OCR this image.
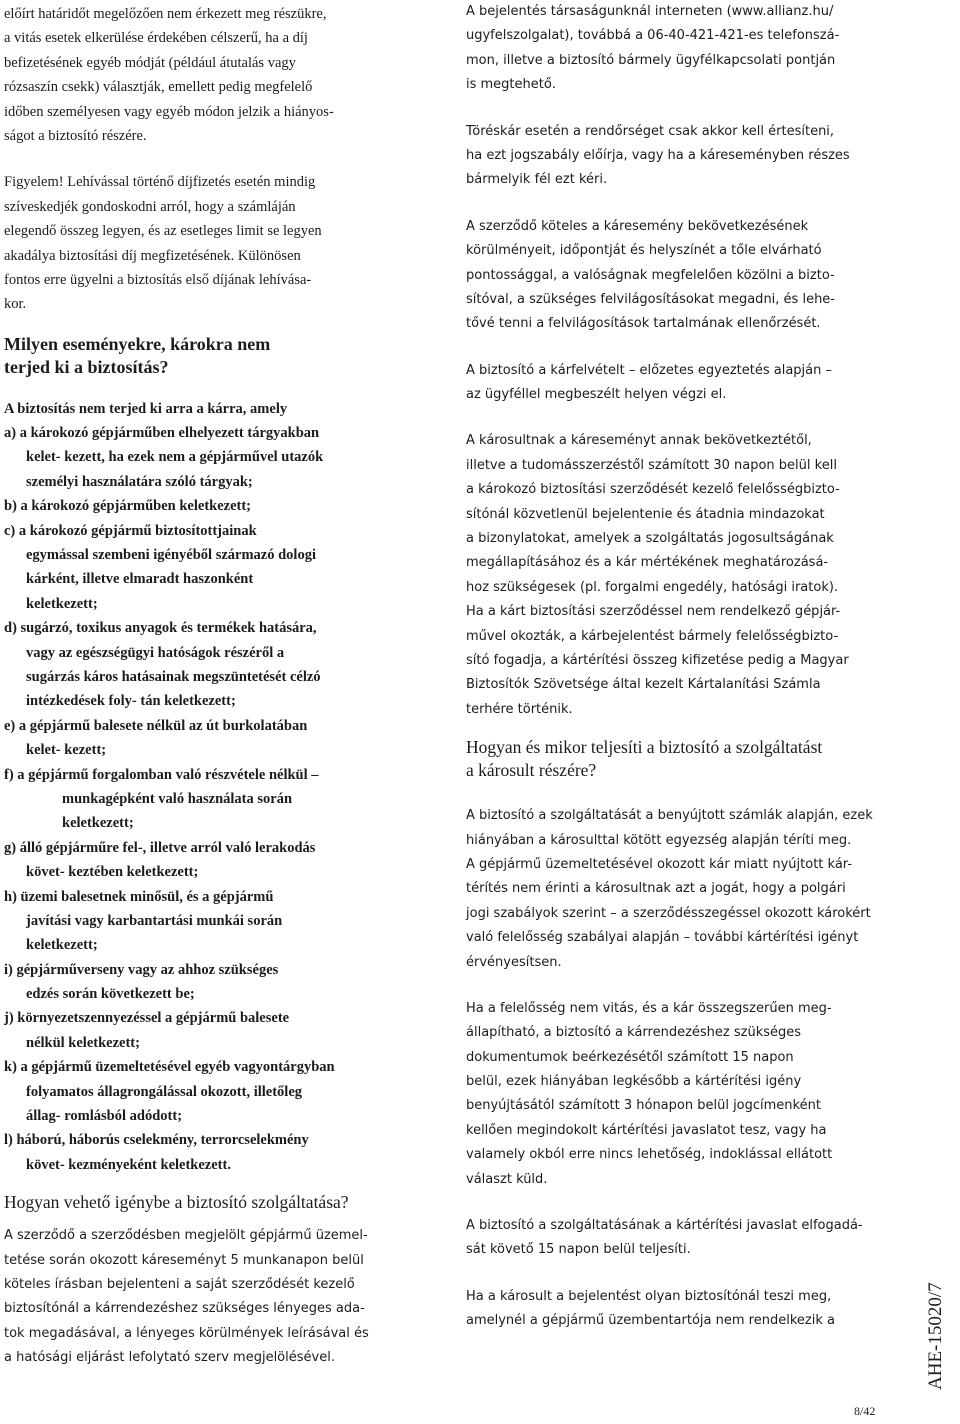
előírt határidőt megelőzően nem érkezett meg részükre,
a vitás esetek elkerülése érdekében célszerű, ha a díj
befizetésének egyéb módját (például átutalás vagy
rózsaszín csekk) választják, emellett pedig megfelelő
időben személyesen vagy egyéb módon jelzik a hiányos-
ságot a biztosító részére.
Figyelem! Lehívással történő díjfizetés esetén mindig
szíveskedjék gondoskodni arról, hogy a számláján
elegendő összeg legyen, és az esetleges limit se legyen
akadálya biztosítási díj megfizetésének. Különösen
fontos erre ügyelni a biztosítás első díjának lehívása-
kor.
Milyen eseményekre, károkra nem
terjed ki a biztosítás?
A biztosítás nem terjed ki arra a kárra, amely
a) a károkozó gépjárműben elhelyezett tárgyakban
kelet- kezett, ha ezek nem a gépjárművel utazók
személyi használatára szóló tárgyak;
b) a károkozó gépjárműben keletkezett;
c) a károkozó gépjármű biztosítottjainak
egymással szembeni igényéből származó dologi
kárként, illetve elmaradt haszonként
keletkezett;
d) sugárzó, toxikus anyagok és termékek hatására,
vagy az egészségügyi hatóságok részéről a
sugárzás káros hatásainak megszüntetését célzó
intézkedések foly- tán keletkezett;
e) a gépjármű balesete nélkül az út burkolatában
kelet- kezett;
f) a gépjármű forgalomban való részvétele nélkül –
munkagépként való használata során
keletkezett;
g) álló gépjárműre fel-, illetve arról való lerakodás
követ- keztében keletkezett;
h) üzemi balesetnek minősül, és a gépjármű
javítási vagy karbantartási munkái során
keletkezett;
i) gépjárműverseny vagy az ahhoz szükséges
edzés során következett be;
j) környezetszennyezéssel a gépjármű balesete
nélkül keletkezett;
k) a gépjármű üzemeltetésével egyéb vagyontárgyban
folyamatos állagrongálással okozott, illetőleg
állag- romlásból adódott;
l) háború, háborús cselekmény, terrorcselekmény
követ- kezményeként keletkezett.
Hogyan vehető igénybe a biztosító szolgáltatása?
A szerződő a szerződésben megjelölt gépjármű üzemel-
tetése során okozott káreseményt 5 munkanapon belül
köteles írásban bejelenteni a saját szerződését kezelő
biztosítónál a kárrendezéshez szükséges lényeges ada-
tok megadásával, a lényeges körülmények leírásával és
a hatósági eljárást lefolytató szerv megjelölésével.
A bejelentés társaságunknál interneten (www.allianz.hu/
ugyfelszolgalat), továbbá a 06-40-421-421-es telefonszá-
mon, illetve a biztosító bármely ügyfélkapcsolati pontján
is megtehető.
Töréskár esetén a rendőrséget csak akkor kell értesíteni,
ha ezt jogszabály előírja, vagy ha a káreseményben részes
bármelyik fél ezt kéri.
A szerződő köteles a káresemény bekövetkezésének
körülményeit, időpontját és helyszínét a tőle elvárható
pontossággal, a valóságnak megfelelően közölni a bizto-
sítóval, a szükséges felvilágosításokat megadni, és lehe-
tővé tenni a felvilágosítások tartalmának ellenőrzését.
A biztosító a kárfelvételt – előzetes egyeztetés alapján –
az ügyféllel megbeszélt helyen végzi el.
A károsultnak a káreseményt annak bekövetkeztétől,
illetve a tudomásszerzéstől számított 30 napon belül kell
a károkozó biztosítási szerződését kezelő felelősségbizto-
sítónál közvetlenül bejelentenie és átadnia mindazokat
a bizonylatokat, amelyek a szolgáltatás jogosultságának
megállapításához és a kár mértékének meghatározásá-
hoz szükségesek (pl. forgalmi engedély, hatósági iratok).
Ha a kárt biztosítási szerződéssel nem rendelkező gépjár-
művel okozták, a kárbejelentést bármely felelősségbizto-
sító fogadja, a kártérítési összeg kifizetése pedig a Magyar
Biztosítók Szövetsége által kezelt Kártalanítási Számla
terhére történik.
Hogyan és mikor teljesíti a biztosító a szolgáltatást
a károsult részére?
A biztosító a szolgáltatását a benyújtott számlák alapján, ezek
hiányában a károsulttal kötött egyezség alapján téríti meg.
A gépjármű üzemeltetésével okozott kár miatt nyújtott kár-
térítés nem érinti a károsultnak azt a jogát, hogy a polgári
jogi szabályok szerint – a szerződésszegéssel okozott károkért
való felelősség szabályai alapján – további kártérítési igényt
érvényesítsen.
Ha a felelősség nem vitás, és a kár összegszerűen meg-
állapítható, a biztosító a kárrendezéshez szükséges
dokumentumok beérkezésétől számított 15 napon
belül, ezek hiányában legkésőbb a kártérítési igény
benyújtásától számított 3 hónapon belül jogcímenként
kellően megindokolt kártérítési javaslatot tesz, vagy ha
valamely okból erre nincs lehetőség, indoklással ellátott
választ küld.
A biztosító a szolgáltatásának a kártérítési javaslat elfogadá-
sát követő 15 napon belül teljesíti.
Ha a károsult a bejelentést olyan biztosítónál teszi meg,
amelynél a gépjármű üzembentartója nem rendelkezik a	AHE-15020/7
8/42
